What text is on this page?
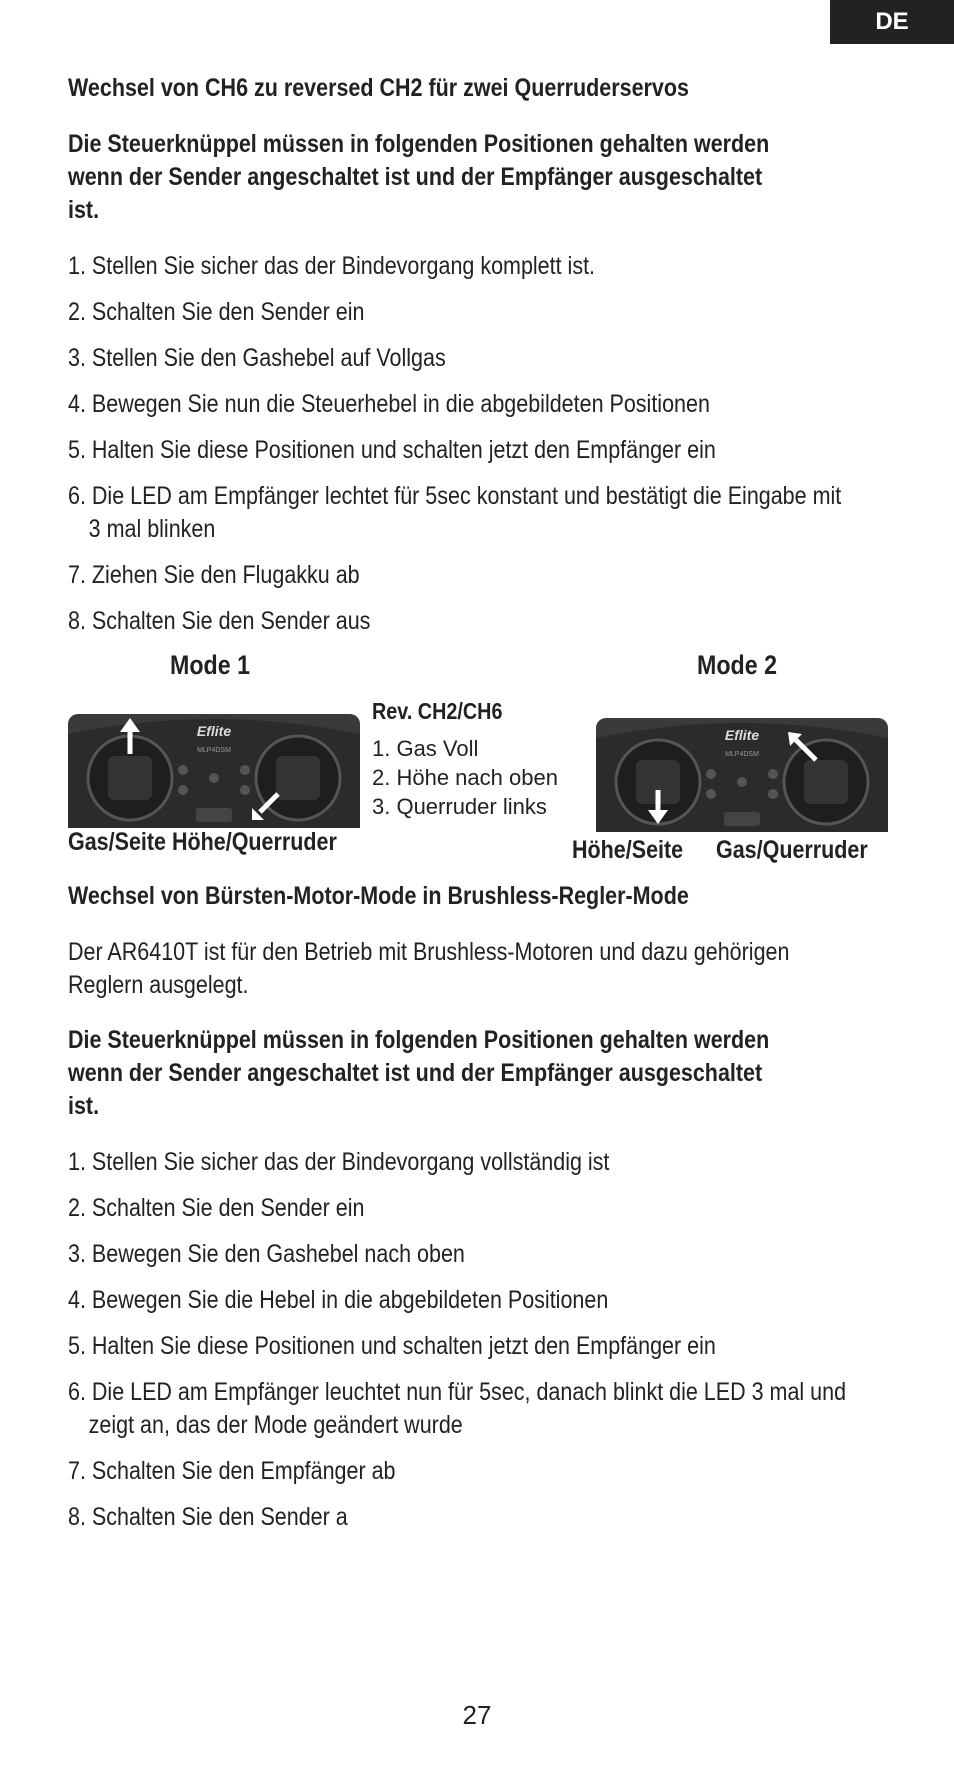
DE

Wechsel von CH6 zu reversed CH2 für zwei Querruderservos

Die Steuerknüppel müssen in folgenden Positionen gehalten werden

wenn der Sender angeschaltet ist und der Empfänger ausgeschaltet

ist.

1. Stellen Sie sicher das der Bindevorgang komplett ist.
2. Schalten Sie den Sender ein
3. Stellen Sie den Gashebel auf Vollgas
4. Bewegen Sie nun die Steuerhebel in die abgebildeten Positionen
5. Halten Sie diese Positionen und schalten jetzt den Empfänger ein
6. Die LED am Empfänger lechtet für 5sec konstant und bestätigt die Eingabe mit
3 mal blinken
7. Ziehen Sie den Flugakku ab
8. Schalten Sie den Sender aus
Mode 1	Mode 2
Eflite
MLP4DSM
Rev. CH2/CH6
1. Gas Voll
2. Höhe nach oben
3. Querruder links
Eflite
MLP4DSM
Gas/Seite Höhe/Querruder	Höhe/Seite Gas/Querruder

Wechsel von Bürsten-Motor-Mode in Brushless-Regler-Mode

Der AR6410T ist für den Betrieb mit Brushless-Motoren und dazu gehörigen

Reglern ausgelegt.

Die Steuerknüppel müssen in folgenden Positionen gehalten werden

wenn der Sender angeschaltet ist und der Empfänger ausgeschaltet

ist.

1. Stellen Sie sicher das der Bindevorgang vollständig ist
2. Schalten Sie den Sender ein
3. Bewegen Sie den Gashebel nach oben
4. Bewegen Sie die Hebel in die abgebildeten Positionen
5. Halten Sie diese Positionen und schalten jetzt den Empfänger ein
6. Die LED am Empfänger leuchtet nun für 5sec, danach blinkt die LED 3 mal und
zeigt an, das der Mode geändert wurde
7. Schalten Sie den Empfänger ab
8. Schalten Sie den Sender a
27
